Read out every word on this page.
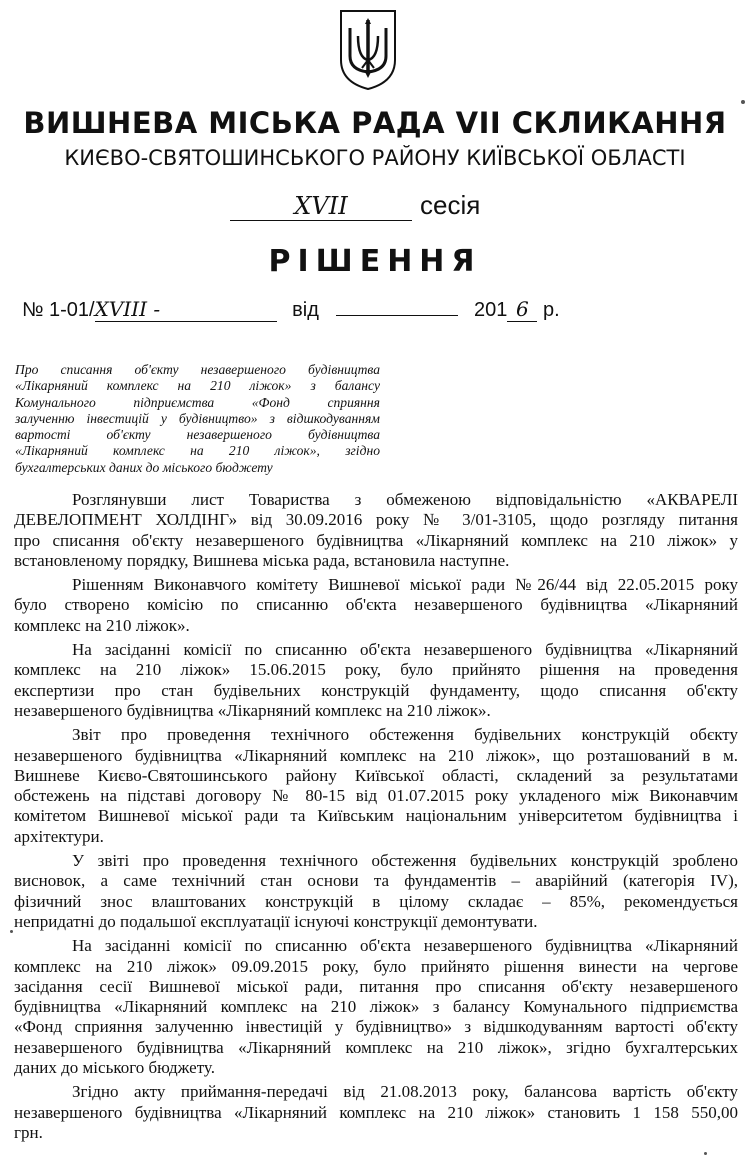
ВИШНЕВА МІСЬКА РАДА VII СКЛИКАННЯ
КИЄВО-СВЯТОШИНСЬКОГО РАЙОНУ КИЇВСЬКОЇ ОБЛАСТІ
XVII	сесія
РІШЕННЯ
№ 1-01/XVIII -	від	201 6 р.
Про списання об'єкту незавершеного будівництва
«Лікарняний комплекс на 210 ліжок» з балансу
Комунального підприємства «Фонд сприяння
залученню інвестицій у будівництво» з відшкодуванням
вартості об'єкту незавершеного будівництва
«Лікарняний комплекс на 210 ліжок», згідно
бухгалтерських даних до міського бюджету

Розглянувши лист Товариства з обмеженою відповідальністю «АКВАРЕЛІ
ДЕВЕЛОПМЕНТ ХОЛДІНГ» від 30.09.2016 року № 3/01-3105, щодо розгляду питання
про списання об'єкту незавершеного будівництва «Лікарняний комплекс на 210 ліжок» у
встановленому порядку, Вишнева міська рада, встановила наступне.

Рішенням Виконавчого комітету Вишневої міської ради №26/44 від 22.05.2015 року
було створено комісію по списанню об'єкта незавершеного будівництва «Лікарняний
комплекс на 210 ліжок».

На засіданні комісії по списанню об'єкта незавершеного будівництва «Лікарняний
комплекс на 210 ліжок» 15.06.2015 року, було прийнято рішення на проведення
експертизи про стан будівельних конструкцій фундаменту, щодо списання об'єкту
незавершеного будівництва «Лікарняний комплекс на 210 ліжок».

Звіт про проведення технічного обстеження будівельних конструкцій обєкту
незавершеного будівництва «Лікарняний комплекс на 210 ліжок», що розташований в м.
Вишневе Києво-Святошинського району Київської області, складений за результатами
обстежень на підставі договору № 80-15 від 01.07.2015 року укладеного між Виконавчим
комітетом Вишневої міської ради та Київським національним університетом будівництва і
архітектури.

У звіті про проведення технічного обстеження будівельних конструкцій зроблено
висновок, а саме технічний стан основи та фундаментів – аварійний (категорія IV),
фізичний знос влаштованих конструкцій в цілому складає – 85%, рекомендується
непридатні до подальшої експлуатації існуючі конструкції демонтувати.

На засіданні комісії по списанню об'єкта незавершеного будівництва «Лікарняний
комплекс на 210 ліжок» 09.09.2015 року, було прийнято рішення винести на чергове
засідання сесії Вишневої міської ради, питання про списання об'єкту незавершеного
будівництва «Лікарняний комплекс на 210 ліжок» з балансу Комунального підприємства
«Фонд сприяння залученню інвестицій у будівництво» з відшкодуванням вартості об'єкту
незавершеного будівництва «Лікарняний комплекс на 210 ліжок», згідно бухгалтерських
даних до міського бюджету.

Згідно акту приймання-передачі від 21.08.2013 року, балансова вартість об'єкту
незавершеного будівництва «Лікарняний комплекс на 210 ліжок» становить 1 158 550,00
грн.
